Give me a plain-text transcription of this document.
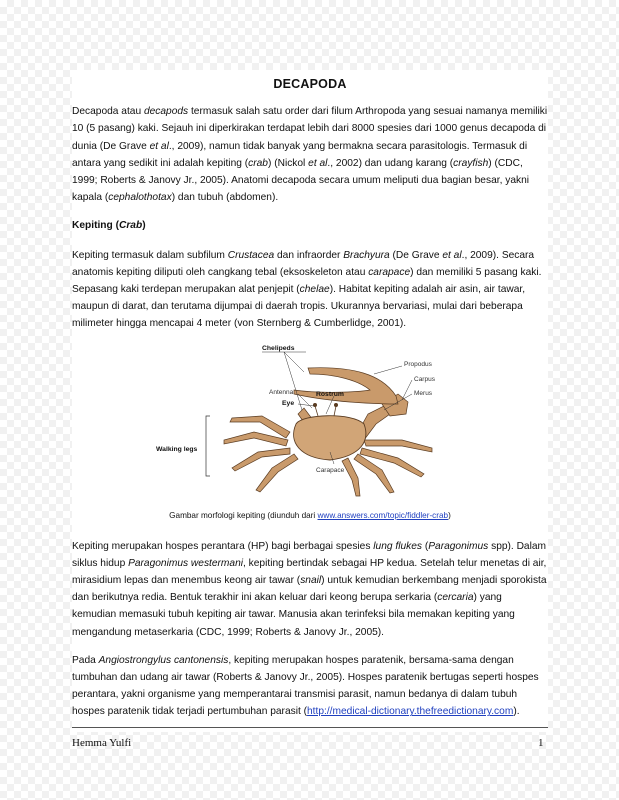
DECAPODA

Decapoda atau decapods termasuk salah satu order dari filum Arthropoda yang sesuai namanya memiliki 10 (5 pasang) kaki. Sejauh ini diperkirakan terdapat lebih dari 8000 spesies dari 1000 genus decapoda di dunia (De Grave et al., 2009), namun tidak banyak yang bermakna secara parasitologis. Termasuk di antara yang sedikit ini adalah kepiting (crab) (Nickol et al., 2002) dan udang karang (crayfish) (CDC, 1999; Roberts & Janovy Jr., 2005). Anatomi decapoda secara umum meliputi dua bagian besar, yakni kapala (cephalothotax) dan tubuh (abdomen).

Kepiting (Crab)

Kepiting termasuk dalam subfilum Crustacea dan infraorder Brachyura (De Grave et al., 2009). Secara anatomis kepiting diliputi oleh cangkang tebal (eksoskeleton atau carapace) dan memiliki 5 pasang kaki. Sepasang kaki terdepan merupakan alat penjepit (chelae). Habitat kepiting adalah air asin, air tawar, maupun di darat, dan terutama dijumpai di daerah tropis. Ukurannya bervariasi, mulai dari beberapa milimeter hingga mencapai 4 meter (von Sternberg & Cumberlidge, 2001).

Chelipeds
Propodus
Carpus
Merus
Antenna
Eye
Rostrum
Walking legs
Carapace

Gambar morfologi kepiting (diunduh dari www.answers.com/topic/fiddler-crab)

Kepiting merupakan hospes perantara (HP) bagi berbagai spesies lung flukes (Paragonimus spp). Dalam siklus hidup Paragonimus westermani, kepiting bertindak sebagai HP kedua. Setelah telur menetas di air, mirasidium lepas dan menembus keong air tawar (snail) untuk kemudian berkembang menjadi sporokista dan berikutnya redia. Bentuk terakhir ini akan keluar dari keong berupa serkaria (cercaria) yang kemudian memasuki tubuh kepiting air tawar. Manusia akan terinfeksi bila memakan kepiting yang mengandung metaserkaria (CDC, 1999; Roberts & Janovy Jr., 2005).

Pada Angiostrongylus cantonensis, kepiting merupakan hospes paratenik, bersama-sama dengan tumbuhan dan udang air tawar (Roberts & Janovy Jr., 2005). Hospes paratenik bertugas seperti hospes perantara, yakni organisme yang memperantarai transmisi parasit, namun bedanya di dalam tubuh hospes paratenik tidak terjadi pertumbuhan parasit (http://medical-dictionary.thefreedictionary.com).

Hemma Yulfi	1
